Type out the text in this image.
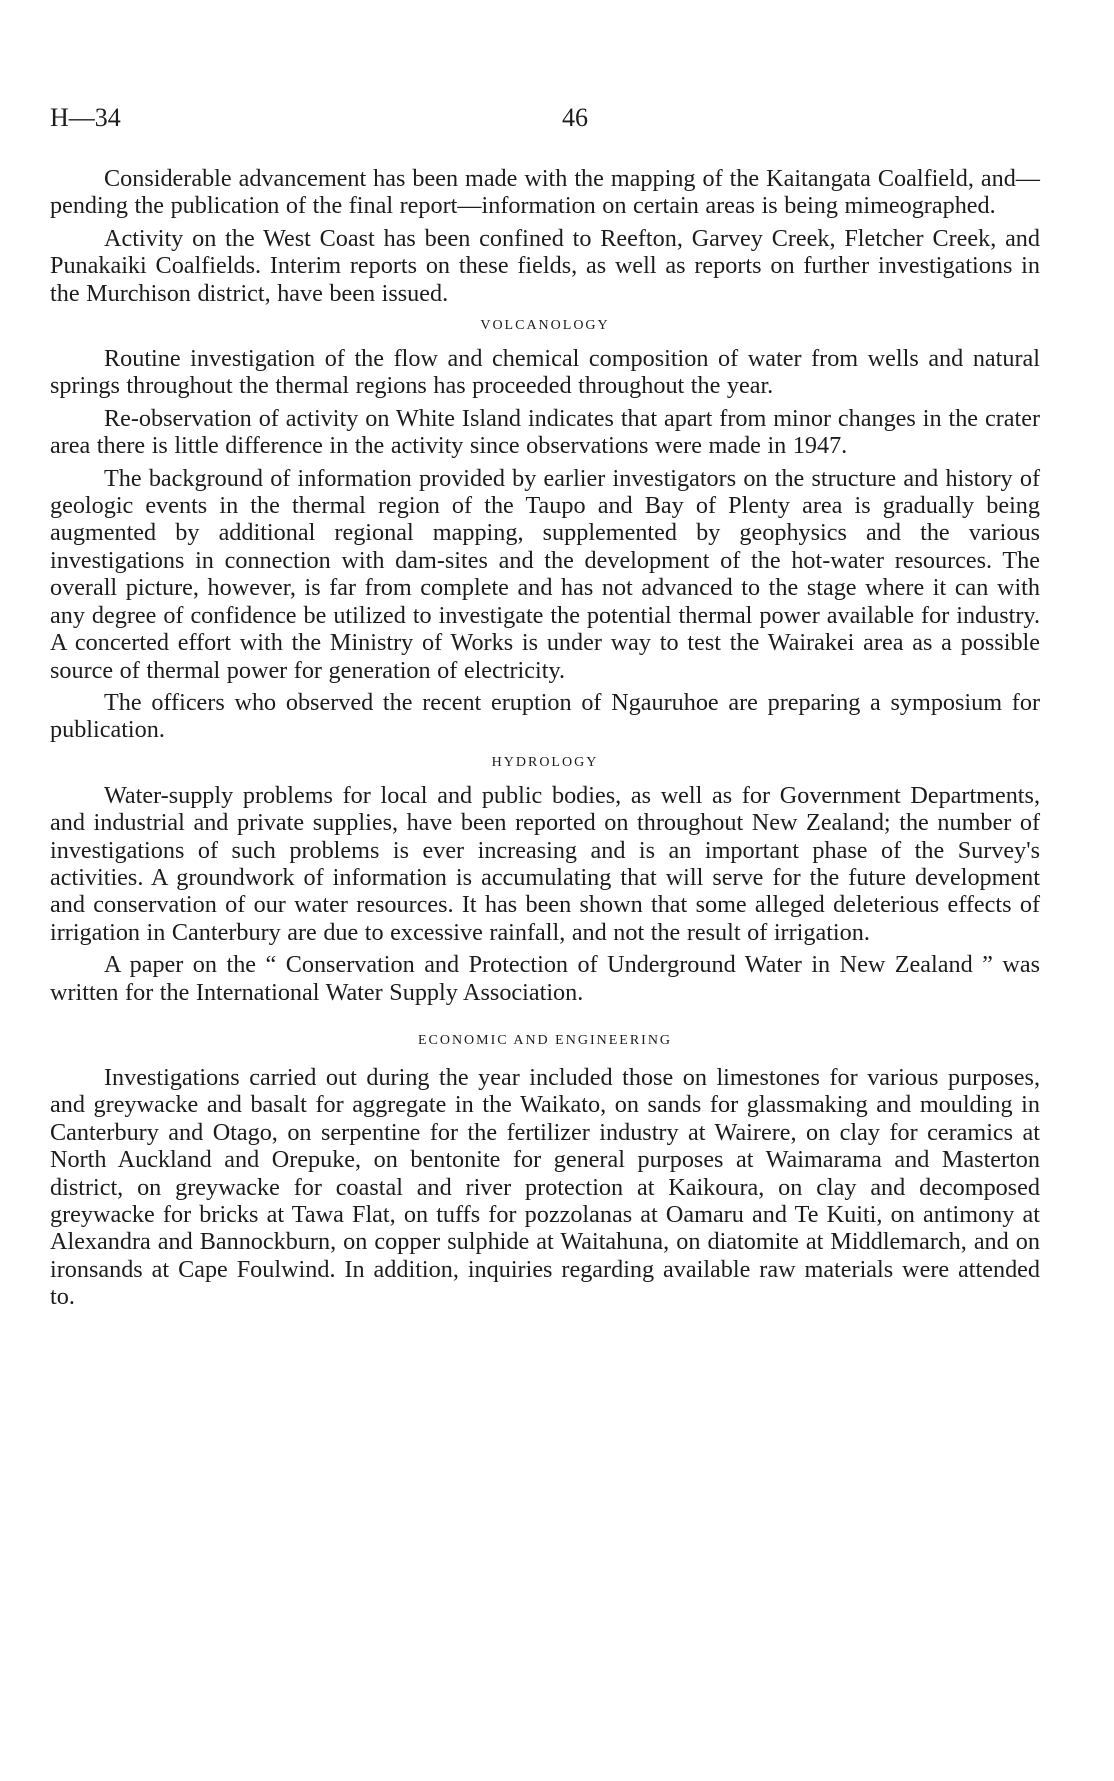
H—34	46

Considerable advancement has been made with the mapping of the Kaitangata Coalfield, and—pending the publication of the final report—information on certain areas is being mimeographed.

Activity on the West Coast has been confined to Reefton, Garvey Creek, Fletcher Creek, and Punakaiki Coalfields. Interim reports on these fields, as well as reports on further investigations in the Murchison district, have been issued.

VOLCANOLOGY

Routine investigation of the flow and chemical composition of water from wells and natural springs throughout the thermal regions has proceeded throughout the year.

Re-observation of activity on White Island indicates that apart from minor changes in the crater area there is little difference in the activity since observations were made in 1947.

The background of information provided by earlier investigators on the structure and history of geologic events in the thermal region of the Taupo and Bay of Plenty area is gradually being augmented by additional regional mapping, supplemented by geophysics and the various investigations in connection with dam-sites and the development of the hot-water resources. The overall picture, however, is far from complete and has not advanced to the stage where it can with any degree of confidence be utilized to investigate the potential thermal power available for industry. A concerted effort with the Ministry of Works is under way to test the Wairakei area as a possible source of thermal power for generation of electricity.

The officers who observed the recent eruption of Ngauruhoe are preparing a symposium for publication.

HYDROLOGY

Water-supply problems for local and public bodies, as well as for Government Departments, and industrial and private supplies, have been reported on throughout New Zealand; the number of investigations of such problems is ever increasing and is an important phase of the Survey's activities. A groundwork of information is accumulating that will serve for the future development and conservation of our water resources. It has been shown that some alleged deleterious effects of irrigation in Canterbury are due to excessive rainfall, and not the result of irrigation.

A paper on the “ Conservation and Protection of Underground Water in New Zealand ” was written for the International Water Supply Association.

ECONOMIC AND ENGINEERING

Investigations carried out during the year included those on limestones for various purposes, and greywacke and basalt for aggregate in the Waikato, on sands for glassmaking and moulding in Canterbury and Otago, on serpentine for the fertilizer industry at Wairere, on clay for ceramics at North Auckland and Orepuke, on bentonite for general purposes at Waimarama and Masterton district, on greywacke for coastal and river protection at Kaikoura, on clay and decomposed greywacke for bricks at Tawa Flat, on tuffs for pozzolanas at Oamaru and Te Kuiti, on antimony at Alexandra and Bannockburn, on copper sulphide at Waitahuna, on diatomite at Middlemarch, and on ironsands at Cape Foulwind. In addition, inquiries regarding available raw materials were attended to.
